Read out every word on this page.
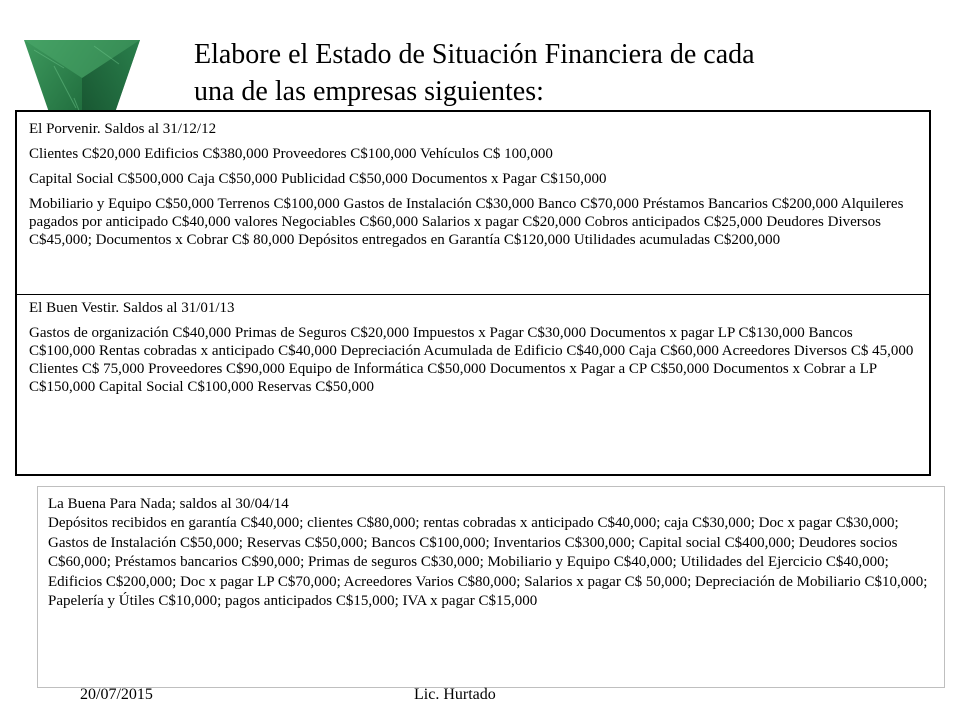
Elabore el Estado de Situación Financiera de cada
una de las empresas siguientes:
El Porvenir. Saldos al 31/12/12
Clientes C$20,000 Edificios C$380,000 Proveedores C$100,000 Vehículos C$ 100,000
Capital Social C$500,000 Caja C$50,000 Publicidad C$50,000 Documentos x Pagar C$150,000
Mobiliario y Equipo C$50,000 Terrenos C$100,000 Gastos de Instalación C$30,000 Banco C$70,000 Préstamos Bancarios C$200,000 Alquileres pagados por anticipado C$40,000 valores Negociables C$60,000 Salarios x pagar C$20,000 Cobros anticipados C$25,000 Deudores Diversos C$45,000; Documentos x Cobrar C$ 80,000 Depósitos entregados en Garantía C$120,000 Utilidades acumuladas C$200,000
El Buen Vestir. Saldos al 31/01/13
Gastos de organización C$40,000 Primas de Seguros C$20,000 Impuestos x Pagar C$30,000 Documentos x pagar LP C$130,000 Bancos C$100,000 Rentas cobradas x anticipado C$40,000 Depreciación Acumulada de Edificio C$40,000 Caja C$60,000 Acreedores Diversos C$ 45,000 Clientes C$ 75,000 Proveedores C$90,000 Equipo de Informática C$50,000 Documentos x Pagar a CP C$50,000 Documentos x Cobrar a LP C$150,000 Capital Social C$100,000 Reservas C$50,000
La Buena Para Nada; saldos al 30/04/14
Depósitos recibidos en garantía C$40,000; clientes C$80,000; rentas cobradas x anticipado C$40,000; caja C$30,000; Doc x pagar C$30,000; Gastos de Instalación C$50,000; Reservas C$50,000; Bancos C$100,000; Inventarios C$300,000; Capital social C$400,000; Deudores socios C$60,000; Préstamos bancarios C$90,000; Primas de seguros C$30,000; Mobiliario y Equipo C$40,000; Utilidades del Ejercicio C$40,000; Edificios C$200,000; Doc x pagar LP C$70,000; Acreedores Varios C$80,000; Salarios x pagar C$ 50,000; Depreciación de Mobiliario C$10,000; Papelería y Útiles C$10,000; pagos anticipados C$15,000; IVA x pagar C$15,000
20/07/2015	Lic. Hurtado
